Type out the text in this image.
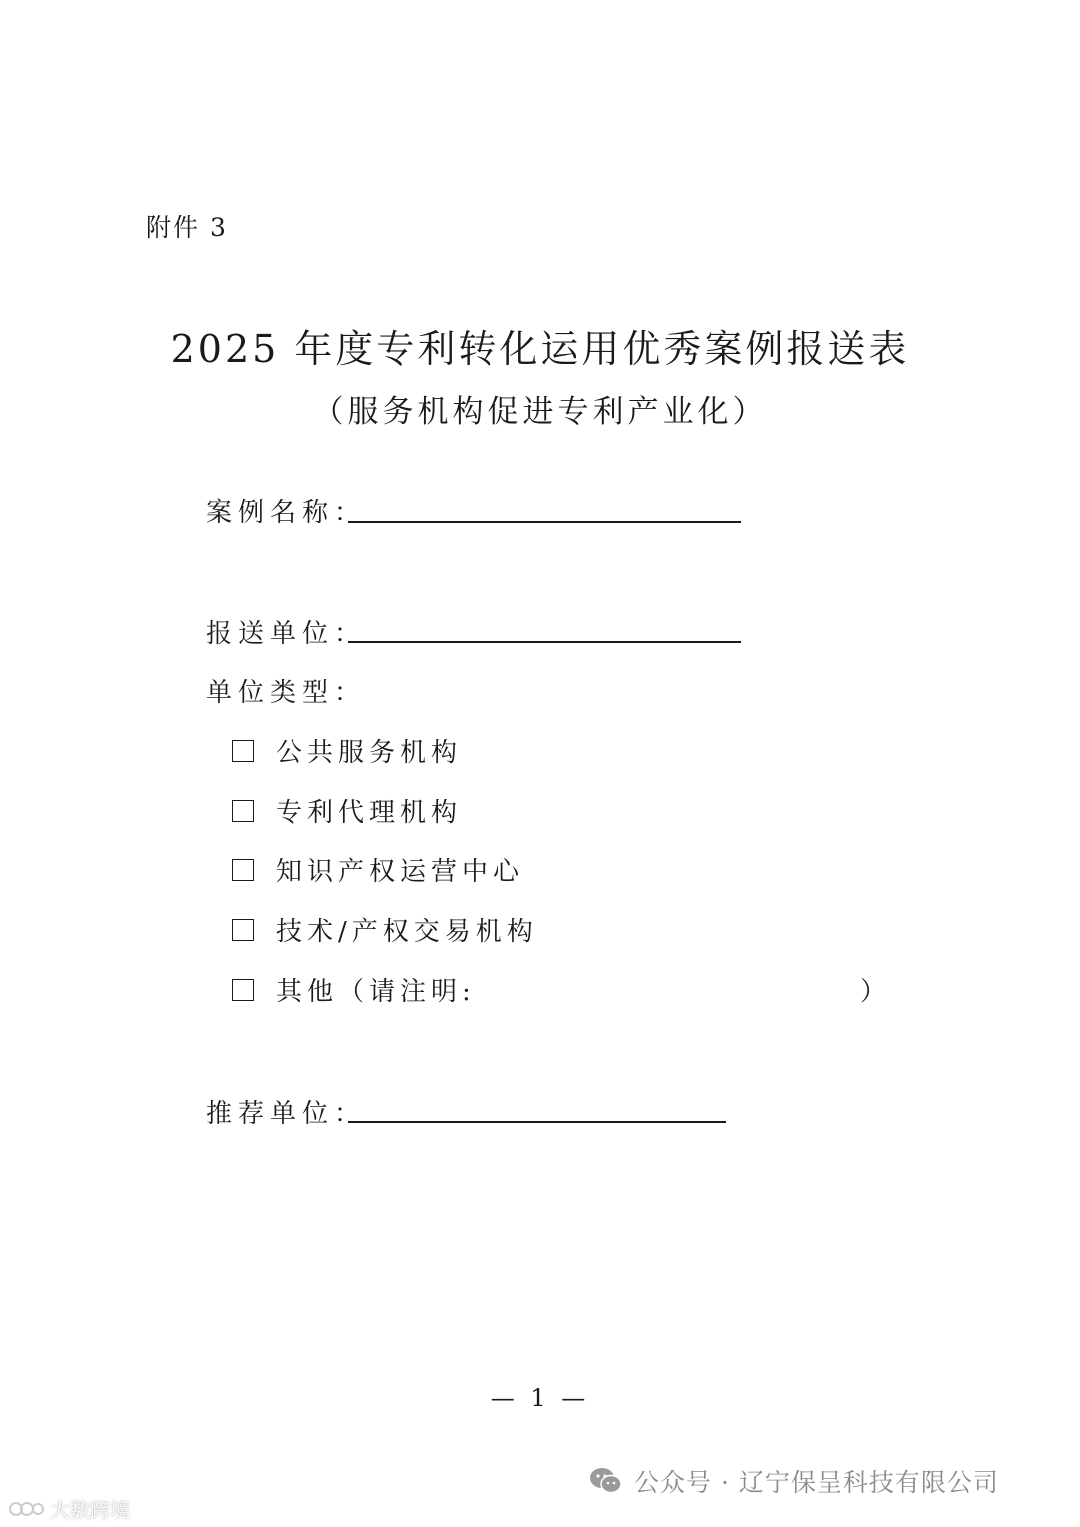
附件 3
2025 年度专利转化运用优秀案例报送表
（服务机构促进专利产业化）
案例名称：
报送单位：
单位类型：
公共服务机构
专利代理机构
知识产权运营中心
技术/产权交易机构
其他（请注明:	）
推荐单位：
— 1 —
公众号 · 辽宁保呈科技有限公司
大数跨境
